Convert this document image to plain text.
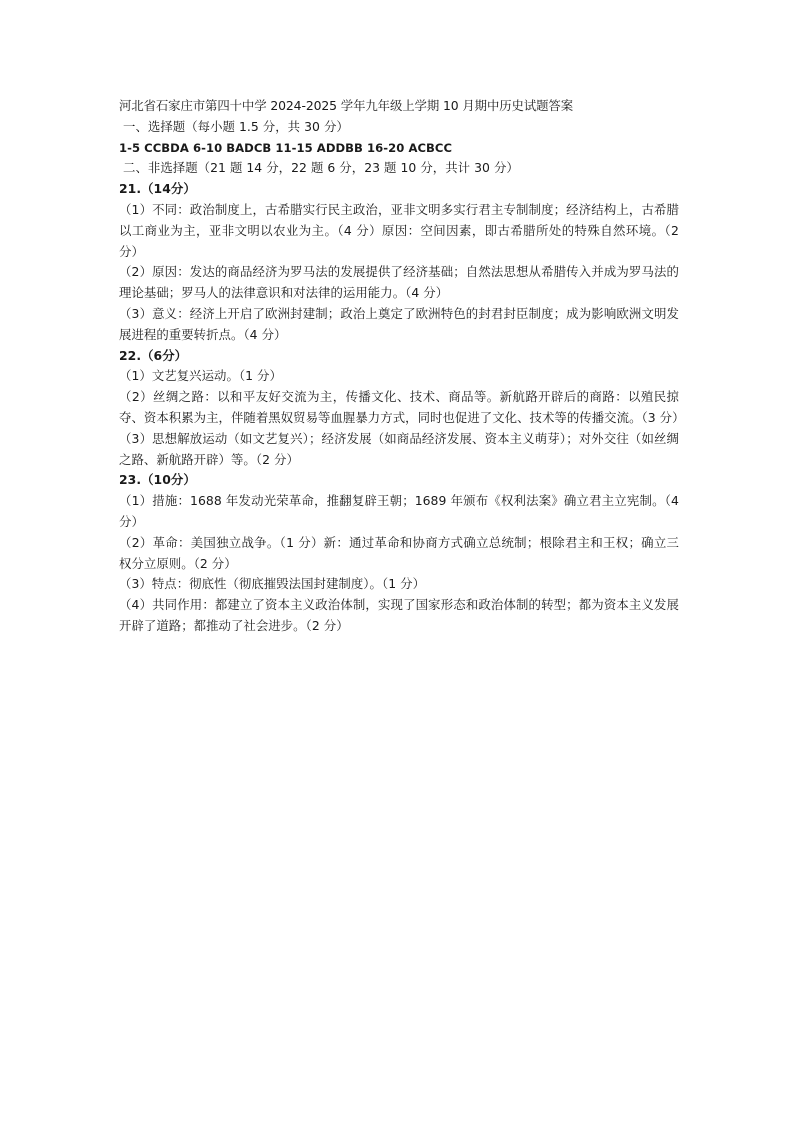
河北省石家庄市第四十中学 2024-2025 学年九年级上学期 10 月期中历史试题答案
一、选择题（每小题 1.5 分，共 30 分）
1-5 CCBDA 6-10 BADCB 11-15 ADDBB 16-20 ACBCC
二、非选择题（21 题 14 分，22 题 6 分，23 题 10 分，共计 30 分）
21.（14分）
（1）不同：政治制度上，古希腊实行民主政治，亚非文明多实行君主专制制度；经济结构上，古希腊以工商业为主，亚非文明以农业为主。（4 分）原因：空间因素，即古希腊所处的特殊自然环境。（2 分）
（2）原因：发达的商品经济为罗马法的发展提供了经济基础；自然法思想从希腊传入并成为罗马法的理论基础；罗马人的法律意识和对法律的运用能力。（4 分）
（3）意义：经济上开启了欧洲封建制；政治上奠定了欧洲特色的封君封臣制度；成为影响欧洲文明发展进程的重要转折点。（4 分）
22.（6分）
（1）文艺复兴运动。（1 分）
（2）丝绸之路：以和平友好交流为主，传播文化、技术、商品等。新航路开辟后的商路：以殖民掠夺、资本积累为主，伴随着黑奴贸易等血腥暴力方式，同时也促进了文化、技术等的传播交流。（3 分）
（3）思想解放运动（如文艺复兴）；经济发展（如商品经济发展、资本主义萌芽）；对外交往（如丝绸之路、新航路开辟）等。（2 分）
23.（10分）
（1）措施：1688 年发动光荣革命，推翻复辟王朝；1689 年颁布《权利法案》确立君主立宪制。（4 分）
（2）革命：美国独立战争。（1 分）新：通过革命和协商方式确立总统制；根除君主和王权；确立三权分立原则。（2 分）
（3）特点：彻底性（彻底摧毁法国封建制度）。（1 分）
（4）共同作用：都建立了资本主义政治体制，实现了国家形态和政治体制的转型；都为资本主义发展开辟了道路；都推动了社会进步。（2 分）
